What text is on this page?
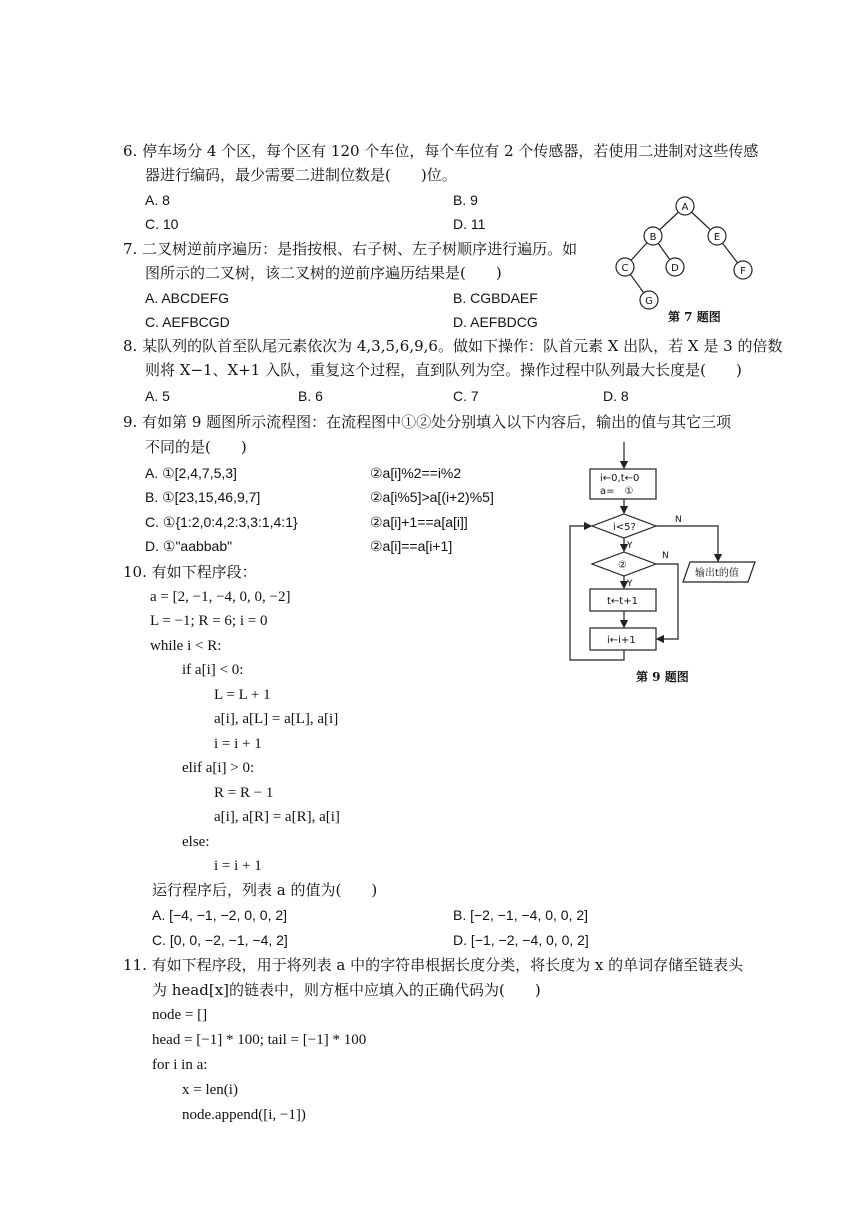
6. 停车场分 4 个区，每个区有 120 个车位，每个车位有 2 个传感器，若使用二进制对这些传感
器进行编码，最少需要二进制位数是(　　)位。
A. 8	B. 9
C. 10	D. 11
7. 二叉树逆前序遍历：是指按根、右子树、左子树顺序进行遍历。如
图所示的二叉树，该二叉树的逆前序遍历结果是(　　)
A. ABCDEFG	B. CGBDAEF
C. AEFBCGD	D. AEFBDCG
A
B	E
C	D	F
G
第 7 题图
8. 某队列的队首至队尾元素依次为 4,3,5,6,9,6。做如下操作：队首元素 X 出队，若 X 是 3 的倍数
则将 X−1、X+1 入队，重复这个过程，直到队列为空。操作过程中队列最大长度是(　　)
A. 5	B. 6	C. 7	D. 8
9. 有如第 9 题图所示流程图：在流程图中①②处分别填入以下内容后，输出的值与其它三项
不同的是(　　)
A. ①[2,4,7,5,3]	②a[i]%2==i%2
B. ①[23,15,46,9,7]	②a[i%5]>a[(i+2)%5]
C. ①{1:2,0:4,2:3,3:1,4:1}	②a[i]+1==a[a[i]]
D. ①"aabbab"	②a[i]==a[i+1]
i←0,t←0
a=　①
i<5?
②
t←t+1
i←i+1
输出t的值
Y
Y
N
N
第 9 题图
10. 有如下程序段：
a = [2, −1, −4, 0, 0, −2]
L = −1; R = 6; i = 0
while i < R:
if a[i] < 0:
L = L + 1
a[i], a[L] = a[L], a[i]
i = i + 1
elif a[i] > 0:
R = R − 1
a[i], a[R] = a[R], a[i]
else:
i = i + 1
运行程序后，列表 a 的值为(　　)
A. [−4, −1, −2, 0, 0, 2]	B. [−2, −1, −4, 0, 0, 2]
C. [0, 0, −2, −1, −4, 2]	D. [−1, −2, −4, 0, 0, 2]
11. 有如下程序段，用于将列表 a 中的字符串根据长度分类，将长度为 x 的单词存储至链表头
为 head[x]的链表中，则方框中应填入的正确代码为(　　)
node = []
head = [−1] * 100; tail = [−1] * 100
for i in a:
x = len(i)
node.append([i, −1])
